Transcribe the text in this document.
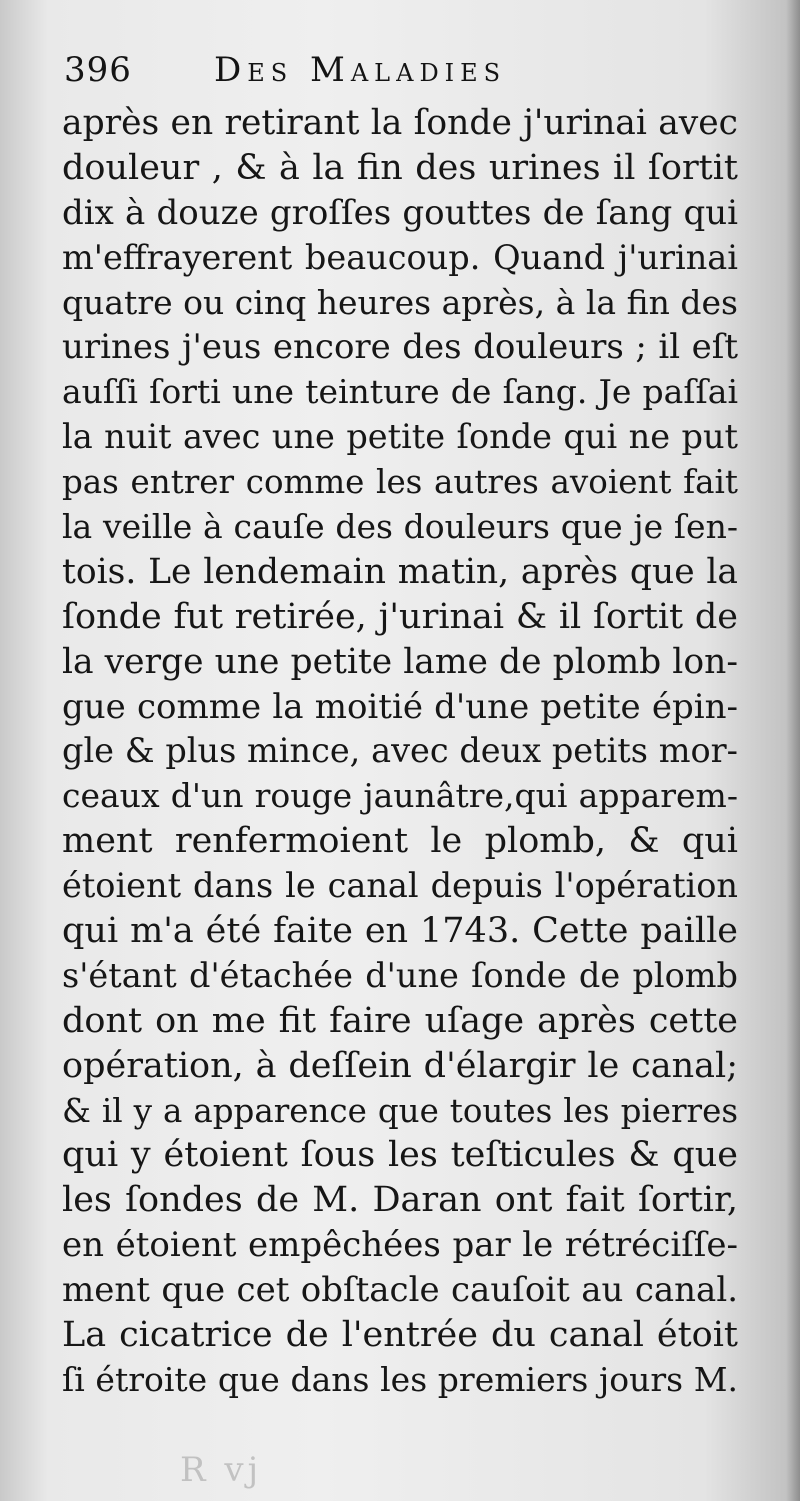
396 Des Maladies
après en retirant la ſonde j'urinai avec
douleur , & à la fin des urines il ſortit
dix à douze groſſes gouttes de ſang qui
m'effrayerent beaucoup. Quand j'urinai
quatre ou cinq heures après, à la fin des
urines j'eus encore des douleurs ; il eſt
auſſi ſorti une teinture de ſang. Je paſſai
la nuit avec une petite ſonde qui ne put
pas entrer comme les autres avoient fait
la veille à cauſe des douleurs que je ſen-
tois. Le lendemain matin, après que la
ſonde fut retirée, j'urinai & il ſortit de
la verge une petite lame de plomb lon-
gue comme la moitié d'une petite épin-
gle & plus mince, avec deux petits mor-
ceaux d'un rouge jaunâtre,qui apparem-
ment renfermoient le plomb, & qui
étoient dans le canal depuis l'opération
qui m'a été faite en 1743. Cette paille
s'étant d'étachée d'une ſonde de plomb
dont on me fit faire uſage après cette
opération, à deſſein d'élargir le canal;
& il y a apparence que toutes les pierres
qui y étoient ſous les teſticules & que
les ſondes de M. Daran ont fait ſortir,
en étoient empêchées par le rétréciſſe-
ment que cet obſtacle cauſoit au canal.
La cicatrice de l'entrée du canal étoit
ſi étroite que dans les premiers jours M.
R vj
